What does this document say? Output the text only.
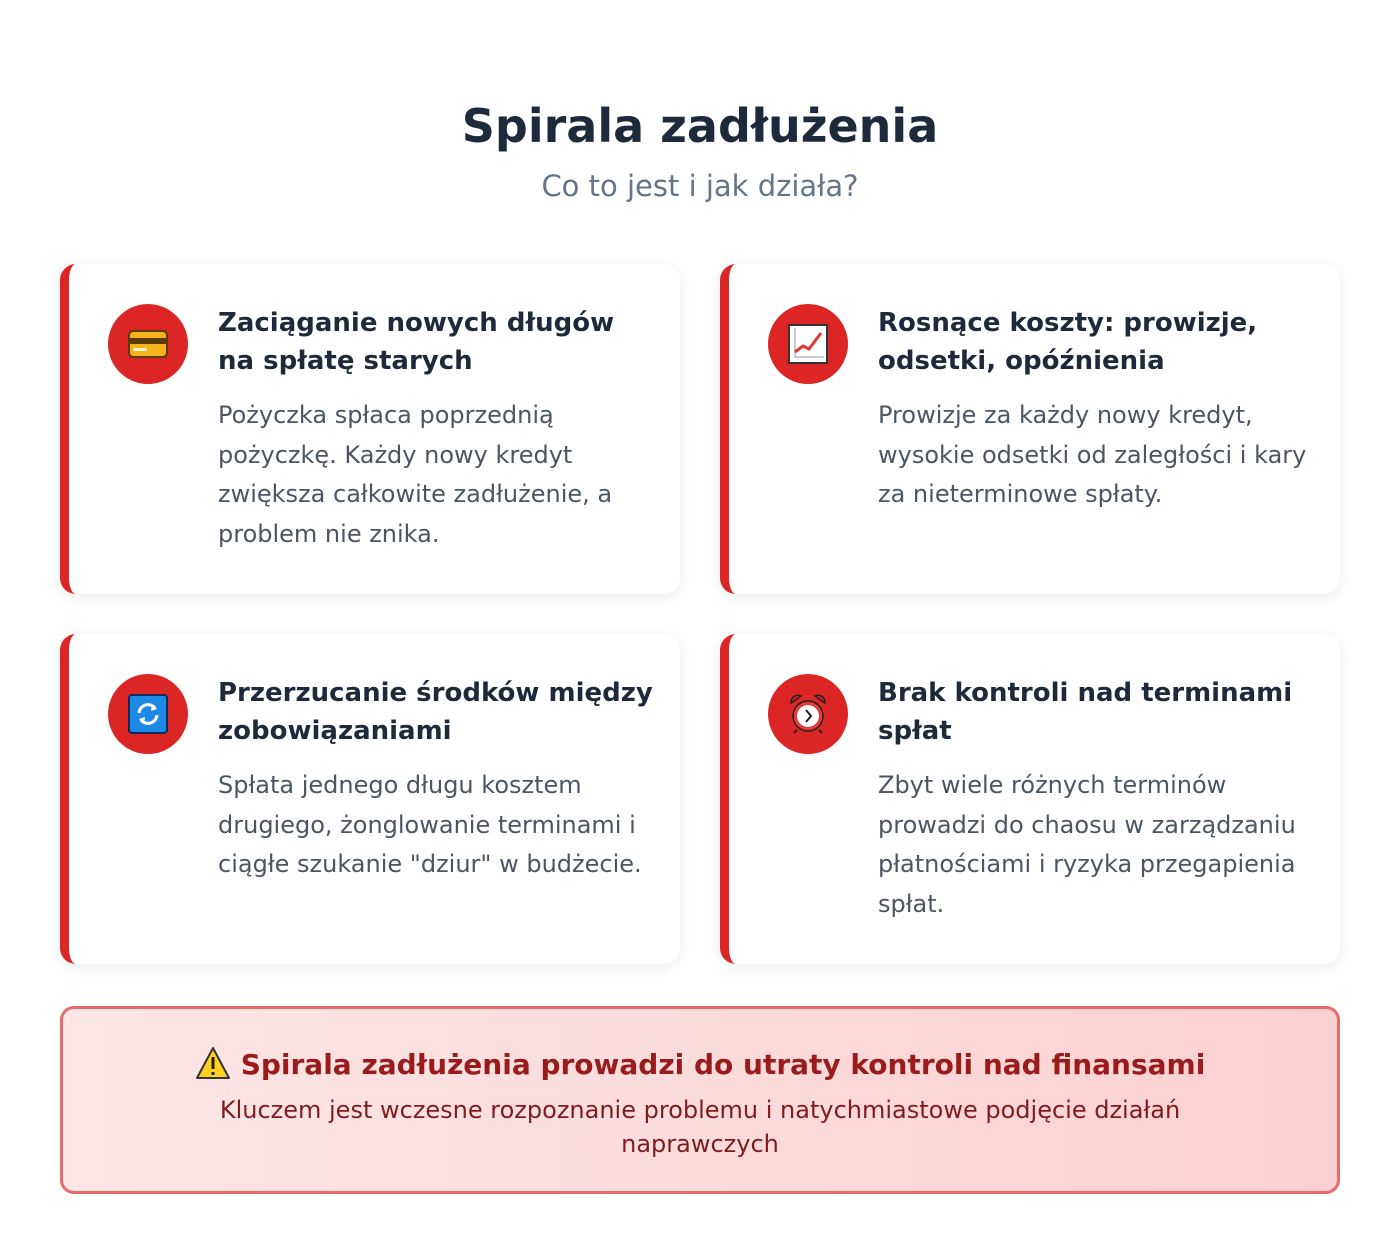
Spirala zadłużenia
Co to jest i jak działa?
Zaciąganie nowych długów na spłatę starych
Pożyczka spłaca poprzednią pożyczkę. Każdy nowy kredyt zwiększa całkowite zadłużenie, a problem nie znika.
Rosnące koszty: prowizje, odsetki, opóźnienia
Prowizje za każdy nowy kredyt, wysokie odsetki od zaległości i kary za nieterminowe spłaty.
Przerzucanie środków między zobowiązaniami
Spłata jednego długu kosztem drugiego, żonglowanie terminami i ciągłe szukanie "dziur" w budżecie.
Brak kontroli nad terminami spłat
Zbyt wiele różnych terminów prowadzi do chaosu w zarządzaniu płatnościami i ryzyka przegapienia spłat.
Spirala zadłużenia prowadzi do utraty kontroli nad finansami
Kluczem jest wczesne rozpoznanie problemu i natychmiastowe podjęcie działań naprawczych
